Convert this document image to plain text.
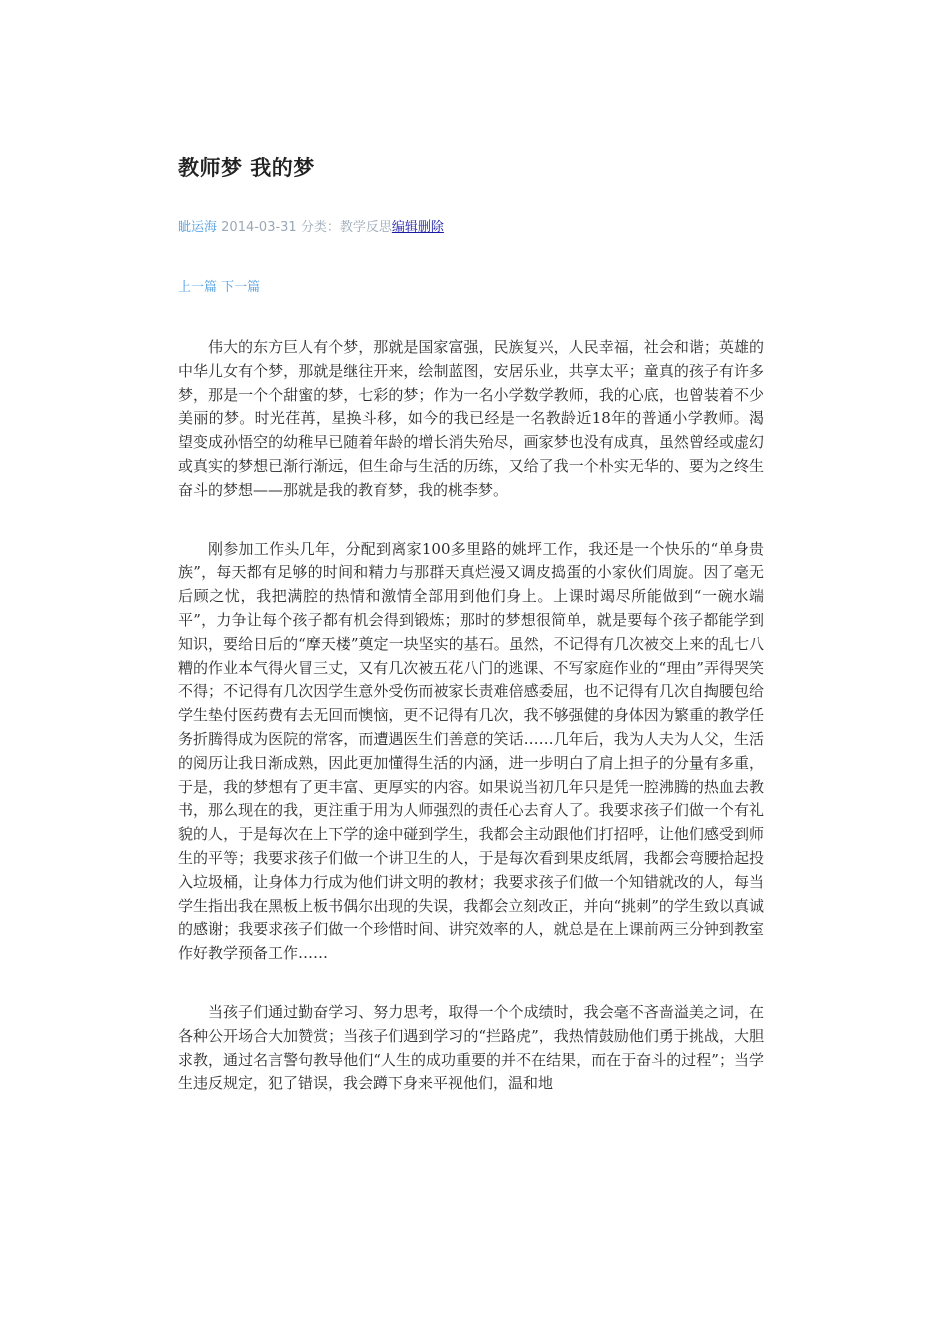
教师梦 我的梦
眦运海 2014-03-31 分类：教学反思编辑删除
上一篇 下一篇

伟大的东方巨人有个梦，那就是国家富强，民族复兴，人民幸福，社会和谐；英雄的中华儿女有个梦，那就是继往开来，绘制蓝图，安居乐业，共享太平；童真的孩子有许多梦，那是一个个甜蜜的梦，七彩的梦；作为一名小学数学教师，我的心底，也曾装着不少美丽的梦。时光荏苒，星换斗移，如今的我已经是一名教龄近18年的普通小学教师。渴望变成孙悟空的幼稚早已随着年龄的增长消失殆尽，画家梦也没有成真，虽然曾经或虚幻或真实的梦想已渐行渐远，但生命与生活的历练，又给了我一个朴实无华的、要为之终生奋斗的梦想——那就是我的教育梦，我的桃李梦。

刚参加工作头几年，分配到离家100多里路的姚坪工作，我还是一个快乐的“单身贵族”，每天都有足够的时间和精力与那群天真烂漫又调皮捣蛋的小家伙们周旋。因了毫无后顾之忧，我把满腔的热情和激情全部用到他们身上。上课时竭尽所能做到“一碗水端平”，力争让每个孩子都有机会得到锻炼；那时的梦想很简单，就是要每个孩子都能学到知识，要给日后的“摩天楼”奠定一块坚实的基石。虽然，不记得有几次被交上来的乱七八糟的作业本气得火冒三丈，又有几次被五花八门的逃课、不写家庭作业的“理由”弄得哭笑不得；不记得有几次因学生意外受伤而被家长责难倍感委屈，也不记得有几次自掏腰包给学生垫付医药费有去无回而懊恼，更不记得有几次，我不够强健的身体因为繁重的教学任务折腾得成为医院的常客，而遭遇医生们善意的笑话……几年后，我为人夫为人父，生活的阅历让我日渐成熟，因此更加懂得生活的内涵，进一步明白了肩上担子的分量有多重，于是，我的梦想有了更丰富、更厚实的内容。如果说当初几年只是凭一腔沸腾的热血去教书，那么现在的我，更注重于用为人师强烈的责任心去育人了。我要求孩子们做一个有礼貌的人，于是每次在上下学的途中碰到学生，我都会主动跟他们打招呼，让他们感受到师生的平等；我要求孩子们做一个讲卫生的人，于是每次看到果皮纸屑，我都会弯腰拾起投入垃圾桶，让身体力行成为他们讲文明的教材；我要求孩子们做一个知错就改的人，每当学生指出我在黑板上板书偶尔出现的失误，我都会立刻改正，并向“挑刺”的学生致以真诚的感谢；我要求孩子们做一个珍惜时间、讲究效率的人，就总是在上课前两三分钟到教室作好教学预备工作……

当孩子们通过勤奋学习、努力思考，取得一个个成绩时，我会毫不吝啬溢美之词，在各种公开场合大加赞赏；当孩子们遇到学习的“拦路虎”，我热情鼓励他们勇于挑战，大胆求教，通过名言警句教导他们“人生的成功重要的并不在结果，而在于奋斗的过程”；当学生违反规定，犯了错误，我会蹲下身来平视他们，温和地
